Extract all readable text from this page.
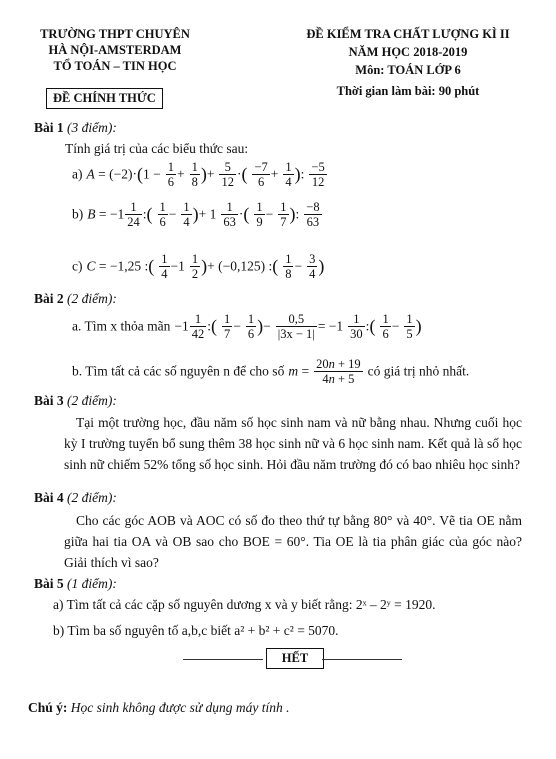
TRƯỜNG THPT CHUYÊN
HÀ NỘI-AMSTERDAM
TỔ TOÁN – TIN HỌC
ĐỀ CHÍNH THỨC
ĐỀ KIỂM TRA CHẤT LƯỢNG KÌ II
NĂM HỌC 2018-2019
Môn: TOÁN LỚP 6
Thời gian làm bài: 90 phút
Bài 1 (3 điểm):
Tính giá trị của các biểu thức sau:
a) $A = (-2)\cdot(1 - \frac{1}{6} + \frac{1}{8}$ )+ $\frac{5}{12}$ ·( $\frac{-7}{6} + \frac{1}{4}$ ): $\frac{-5}{12}$
b) $B = -1 \frac{1}{24}$ :( $\frac{1}{6} - \frac{1}{4}$ )+ $1 \frac{1}{63}$ ·( $\frac{1}{9} - \frac{1}{7}$ ): $\frac{-8}{63}$
c) C = −1,25 :( $\frac{1}{4} -1 \frac{1}{2}$ )+ (−0,125) :( $\frac{1}{8} - \frac{3}{4}$ )
Bài 2 (2 điểm):
a. Tìm x thỏa mãn $-1 \frac{1}{42}$ :( $\frac{1}{7} - \frac{1}{6}$ )− $\frac{0,5}{|3x - 1|} = -1 \frac{1}{30}$ :( $\frac{1}{6} - \frac{1}{5}$ )
b. Tìm tất cả các số nguyên n để cho số $m = \frac{20n + 19}{4n + 5}$ có giá trị nhỏ nhất.
Bài 3 (2 điểm):
Tại một trường học, đầu năm số học sinh nam và nữ bằng nhau. Nhưng cuối học kỳ I trường tuyển bổ sung thêm 38 học sinh nữ và 6 học sinh nam. Kết quả là số học sinh nữ chiếm 52% tổng số học sinh. Hỏi đầu năm trường đó có bao nhiêu học sinh?
Bài 4 (2 điểm):
Cho các góc AOB và AOC có số đo theo thứ tự bằng 80° và 40°. Vẽ tia OE nằm giữa hai tia OA và OB sao cho BOE = 60°. Tia OE là tia phân giác của góc nào? Giải thích vì sao?
Bài 5 (1 điểm):
a) Tìm tất cả các cặp số nguyên dương x và y biết rằng: 2ˣ – 2ʸ = 1920.
b) Tìm ba số nguyên tố a,b,c biết a² + b² + c² = 5070.
HẾT
Chú ý: Học sinh không được sử dụng máy tính .
